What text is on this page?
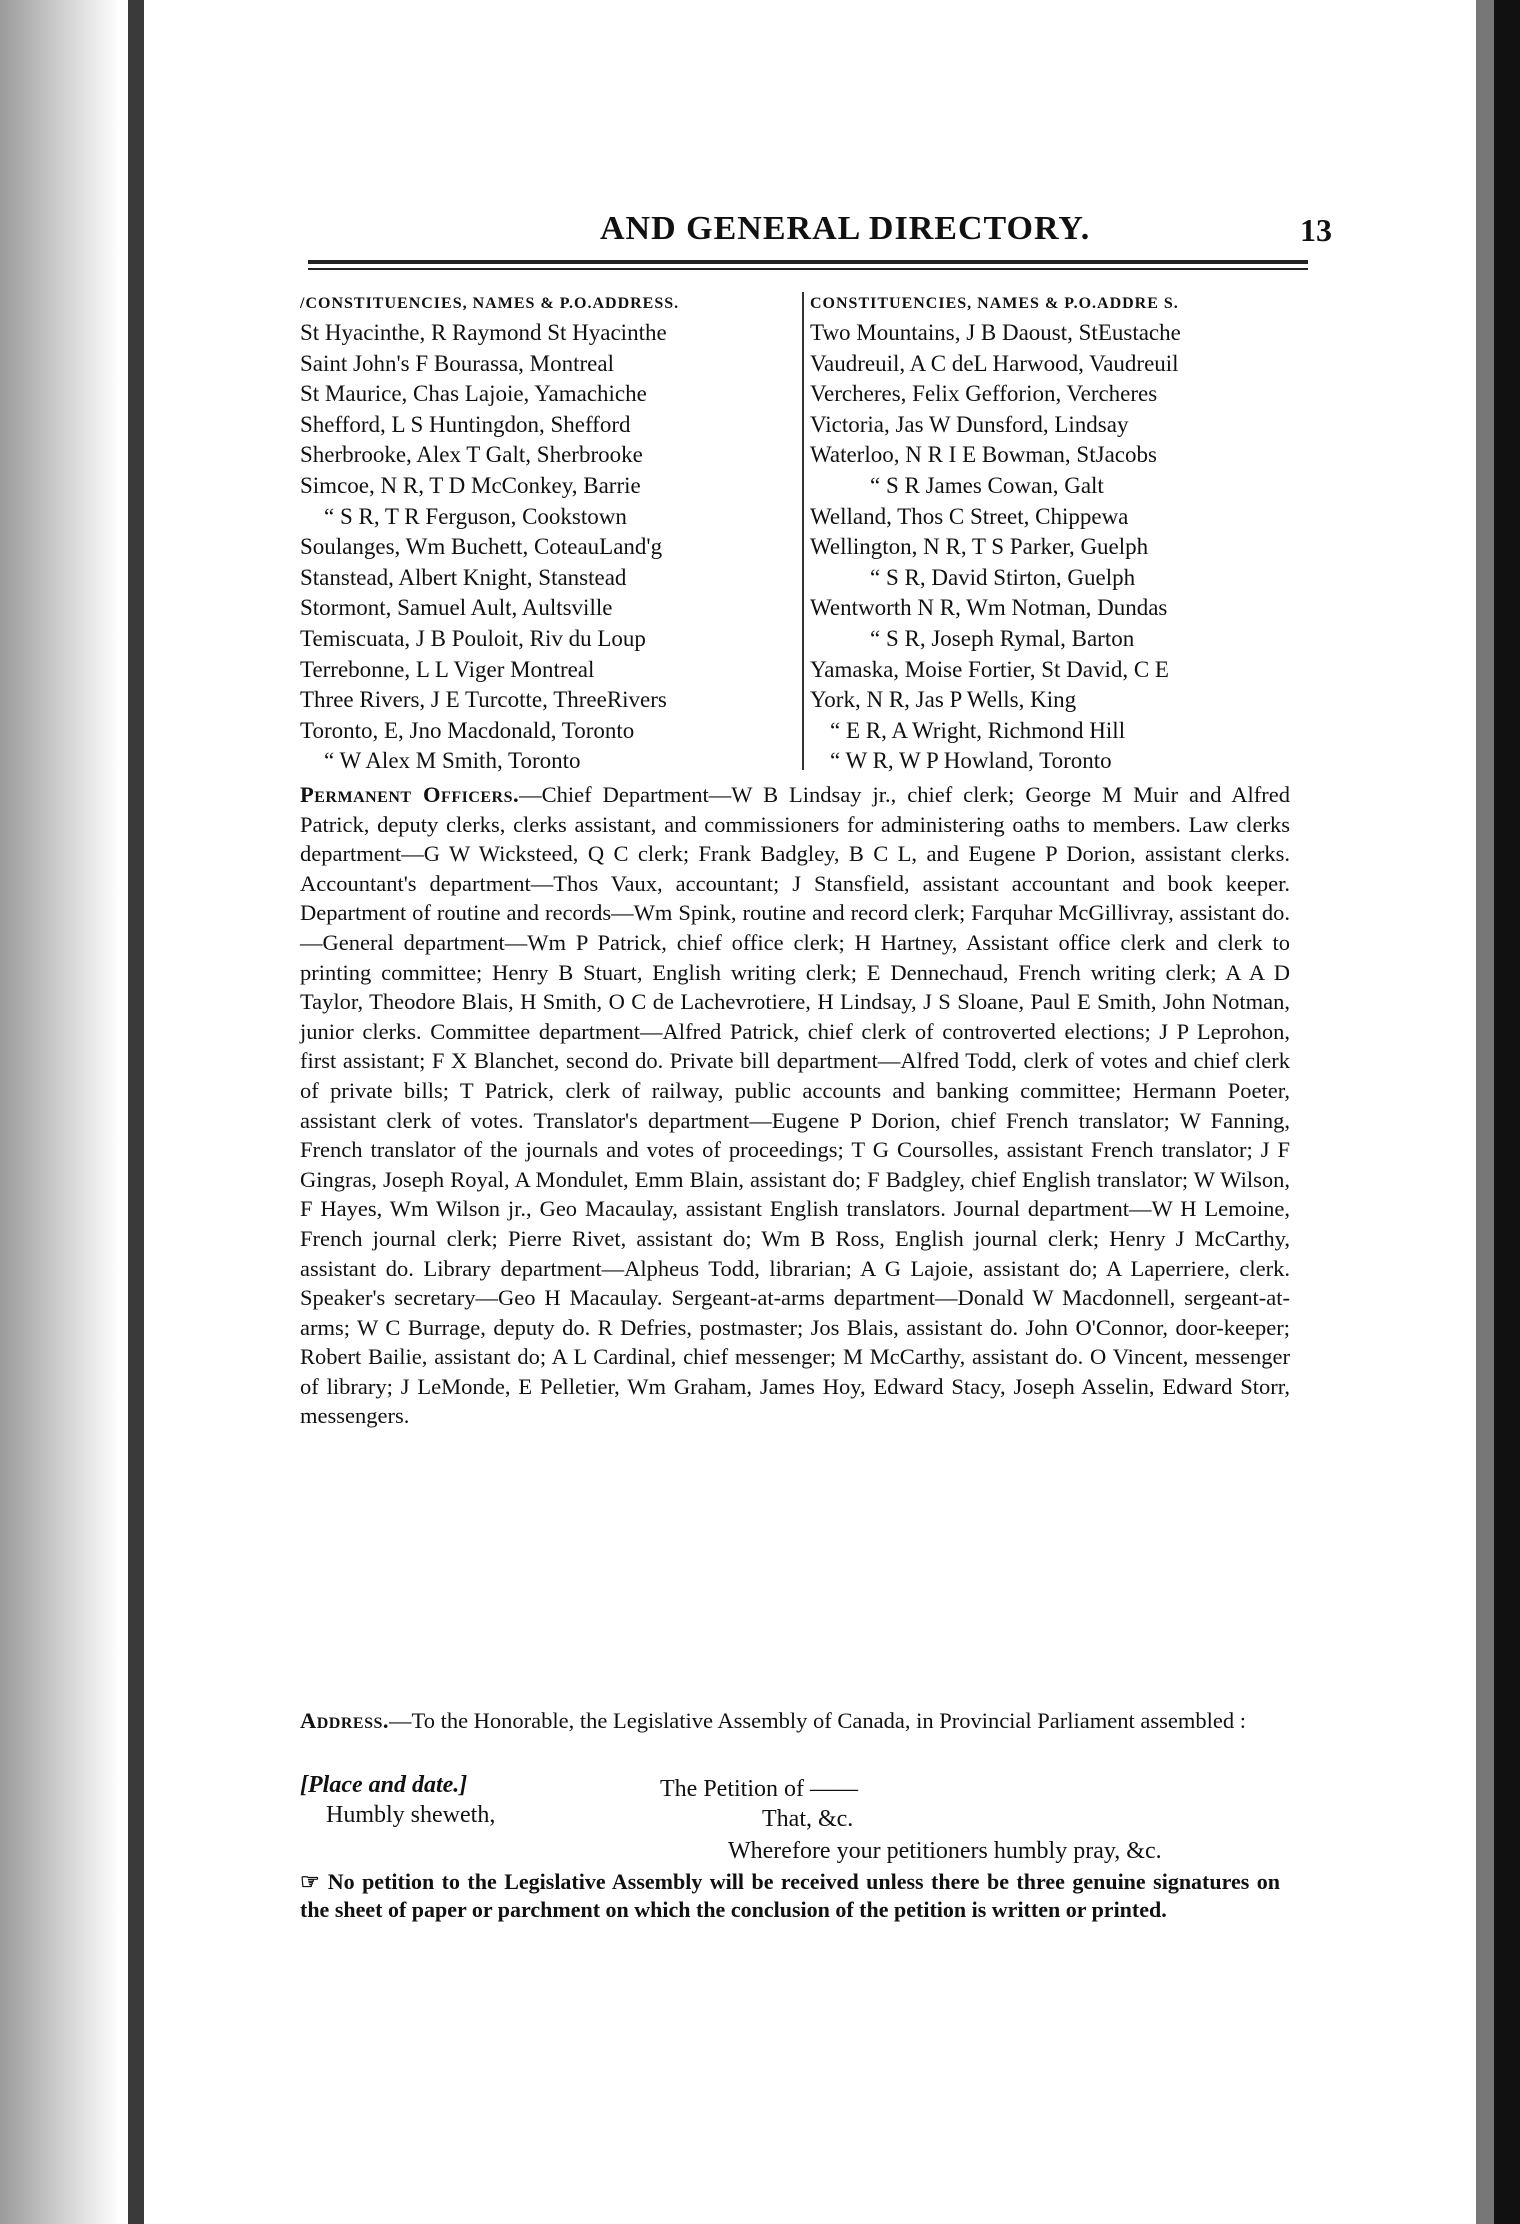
AND GENERAL DIRECTORY.	13
/CONSTITUENCIES, NAMES & P.O.ADDRESS.
St Hyacinthe, R Raymond St Hyacinthe
Saint John's F Bourassa, Montreal
St Maurice, Chas Lajoie, Yamachiche
Shefford, L S Huntingdon, Shefford
Sherbrooke, Alex T Galt, Sherbrooke
Simcoe, N R, T D McConkey, Barrie
“ S R, T R Ferguson, Cookstown
Soulanges, Wm Buchett, CoteauLand'g
Stanstead, Albert Knight, Stanstead
Stormont, Samuel Ault, Aultsville
Temiscuata, J B Pouloit, Riv du Loup
Terrebonne, L L Viger Montreal
Three Rivers, J E Turcotte, ThreeRivers
Toronto, E, Jno Macdonald, Toronto
“ W Alex M Smith, Toronto
CONSTITUENCIES, NAMES & P.O.ADDRE S.
Two Mountains, J B Daoust, StEustache
Vaudreuil, A C deL Harwood, Vaudreuil
Vercheres, Felix Gefforion, Vercheres
Victoria, Jas W Dunsford, Lindsay
Waterloo, N R I E Bowman, StJacobs
“ S R James Cowan, Galt
Welland, Thos C Street, Chippewa
Wellington, N R, T S Parker, Guelph
“ S R, David Stirton, Guelph
Wentworth N R, Wm Notman, Dundas
“ S R, Joseph Rymal, Barton
Yamaska, Moise Fortier, St David, C E
York, N R, Jas P Wells, King
“ E R, A Wright, Richmond Hill
“ W R, W P Howland, Toronto
Permanent Officers.—Chief Department—W B Lindsay jr., chief clerk; George M Muir and Alfred Patrick, deputy clerks, clerks assistant, and commissioners for administering oaths to members. Law clerks department—G W Wicksteed, Q C clerk; Frank Badgley, B C L, and Eugene P Dorion, assistant clerks. Accountant's department—Thos Vaux, accountant; J Stansfield, assistant accountant and book keeper. Department of routine and records—Wm Spink, routine and record clerk; Farquhar McGillivray, assistant do.—General department—Wm P Patrick, chief office clerk; H Hartney, Assistant office clerk and clerk to printing committee; Henry B Stuart, English writing clerk; E Dennechaud, French writing clerk; A A D Taylor, Theodore Blais, H Smith, O C de Lachevrotiere, H Lindsay, J S Sloane, Paul E Smith, John Notman, junior clerks. Committee department—Alfred Patrick, chief clerk of controverted elections; J P Leprohon, first assistant; F X Blanchet, second do. Private bill department—Alfred Todd, clerk of votes and chief clerk of private bills; T Patrick, clerk of railway, public accounts and banking committee; Hermann Poeter, assistant clerk of votes. Translator's department—Eugene P Dorion, chief French translator; W Fanning, French translator of the journals and votes of proceedings; T G Coursolles, assistant French translator; J F Gingras, Joseph Royal, A Mondulet, Emm Blain, assistant do; F Badgley, chief English translator; W Wilson, F Hayes, Wm Wilson jr., Geo Macaulay, assistant English translators. Journal department—W H Lemoine, French journal clerk; Pierre Rivet, assistant do; Wm B Ross, English journal clerk; Henry J McCarthy, assistant do. Library department—Alpheus Todd, librarian; A G Lajoie, assistant do; A Laperriere, clerk. Speaker's secretary—Geo H Macaulay. Sergeant-at-arms department—Donald W Macdonnell, sergeant-at-arms; W C Burrage, deputy do. R Defries, postmaster; Jos Blais, assistant do. John O'Connor, door-keeper; Robert Bailie, assistant do; A L Cardinal, chief messenger; M McCarthy, assistant do. O Vincent, messenger of library; J LeMonde, E Pelletier, Wm Graham, James Hoy, Edward Stacy, Joseph Asselin, Edward Storr, messengers.
Address.—To the Honorable, the Legislative Assembly of Canada, in Provincial Parliament assembled :
[Place and date.]
Humbly sheweth,
The Petition of ——
That, &c.
Wherefore your petitioners humbly pray, &c.
☞ No petition to the Legislative Assembly will be received unless there be three genuine signatures on the sheet of paper or parchment on which the conclusion of the petition is written or printed.
